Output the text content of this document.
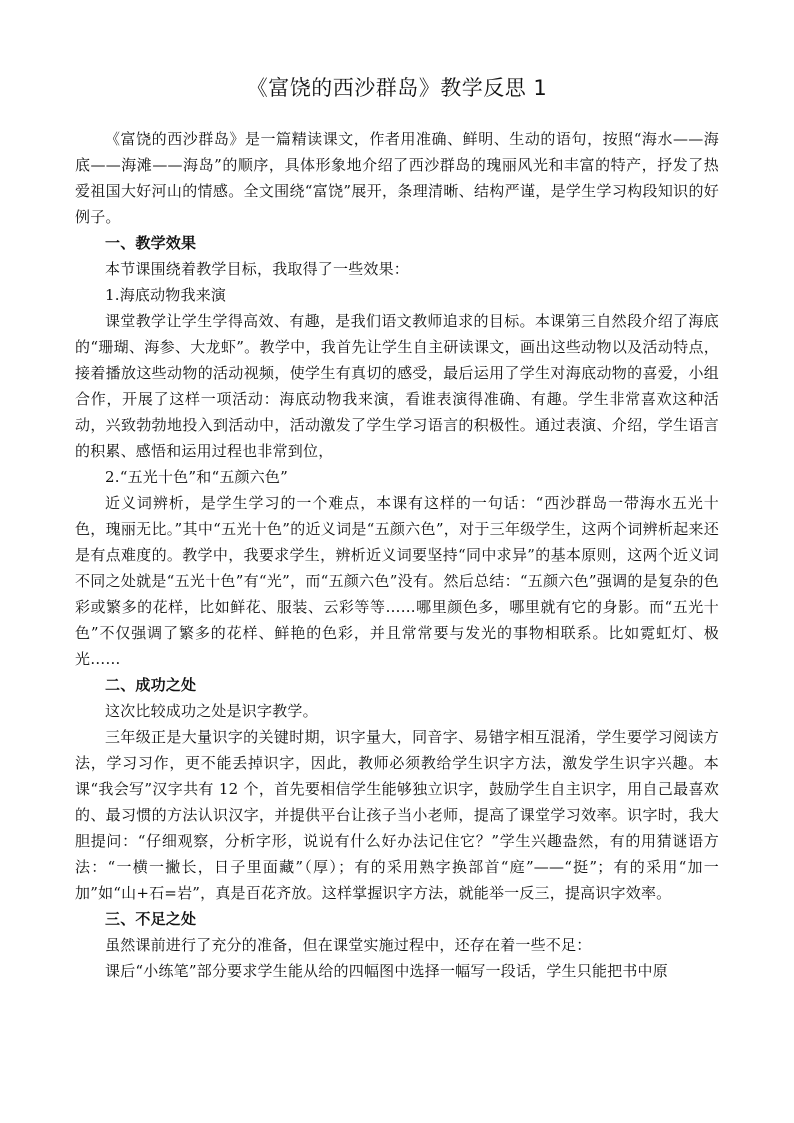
《富饶的西沙群岛》教学反思 1

《富饶的西沙群岛》是一篇精读课文，作者用准确、鲜明、生动的语句，按照“海水——海底——海滩——海岛”的顺序，具体形象地介绍了西沙群岛的瑰丽风光和丰富的特产，抒发了热爱祖国大好河山的情感。全文围绕“富饶”展开，条理清晰、结构严谨，是学生学习构段知识的好例子。

一、教学效果

本节课围绕着教学目标，我取得了一些效果：

1.海底动物我来演

课堂教学让学生学得高效、有趣，是我们语文教师追求的目标。本课第三自然段介绍了海底的“珊瑚、海参、大龙虾”。教学中，我首先让学生自主研读课文，画出这些动物以及活动特点，接着播放这些动物的活动视频，使学生有真切的感受，最后运用了学生对海底动物的喜爱，小组合作，开展了这样一项活动：海底动物我来演，看谁表演得准确、有趣。学生非常喜欢这种活动，兴致勃勃地投入到活动中，活动激发了学生学习语言的积极性。通过表演、介绍，学生语言的积累、感悟和运用过程也非常到位，

2.“五光十色”和“五颜六色”

近义词辨析，是学生学习的一个难点，本课有这样的一句话：“西沙群岛一带海水五光十色，瑰丽无比。”其中“五光十色”的近义词是“五颜六色”，对于三年级学生，这两个词辨析起来还是有点难度的。教学中，我要求学生，辨析近义词要坚持“同中求异”的基本原则，这两个近义词不同之处就是“五光十色”有“光”，而“五颜六色”没有。然后总结：“五颜六色”强调的是复杂的色彩或繁多的花样，比如鲜花、服装、云彩等等……哪里颜色多，哪里就有它的身影。而“五光十色”不仅强调了繁多的花样、鲜艳的色彩，并且常常要与发光的事物相联系。比如霓虹灯、极光……

二、成功之处

这次比较成功之处是识字教学。

三年级正是大量识字的关键时期，识字量大，同音字、易错字相互混淆，学生要学习阅读方法，学习习作，更不能丢掉识字，因此，教师必须教给学生识字方法，激发学生识字兴趣。本课“我会写”汉字共有 12 个，首先要相信学生能够独立识字，鼓励学生自主识字，用自己最喜欢的、最习惯的方法认识汉字，并提供平台让孩子当小老师，提高了课堂学习效率。识字时，我大胆提问：“仔细观察，分析字形，说说有什么好办法记住它？”学生兴趣盎然，有的用猜谜语方法：“一横一撇长，日子里面藏”（厚）；有的采用熟字换部首“庭”——“挺”；有的采用“加一加”如“山+石=岩”，真是百花齐放。这样掌握识字方法，就能举一反三，提高识字效率。

三、不足之处

虽然课前进行了充分的准备，但在课堂实施过程中，还存在着一些不足：

课后“小练笔”部分要求学生能从给的四幅图中选择一幅写一段话，学生只能把书中原
